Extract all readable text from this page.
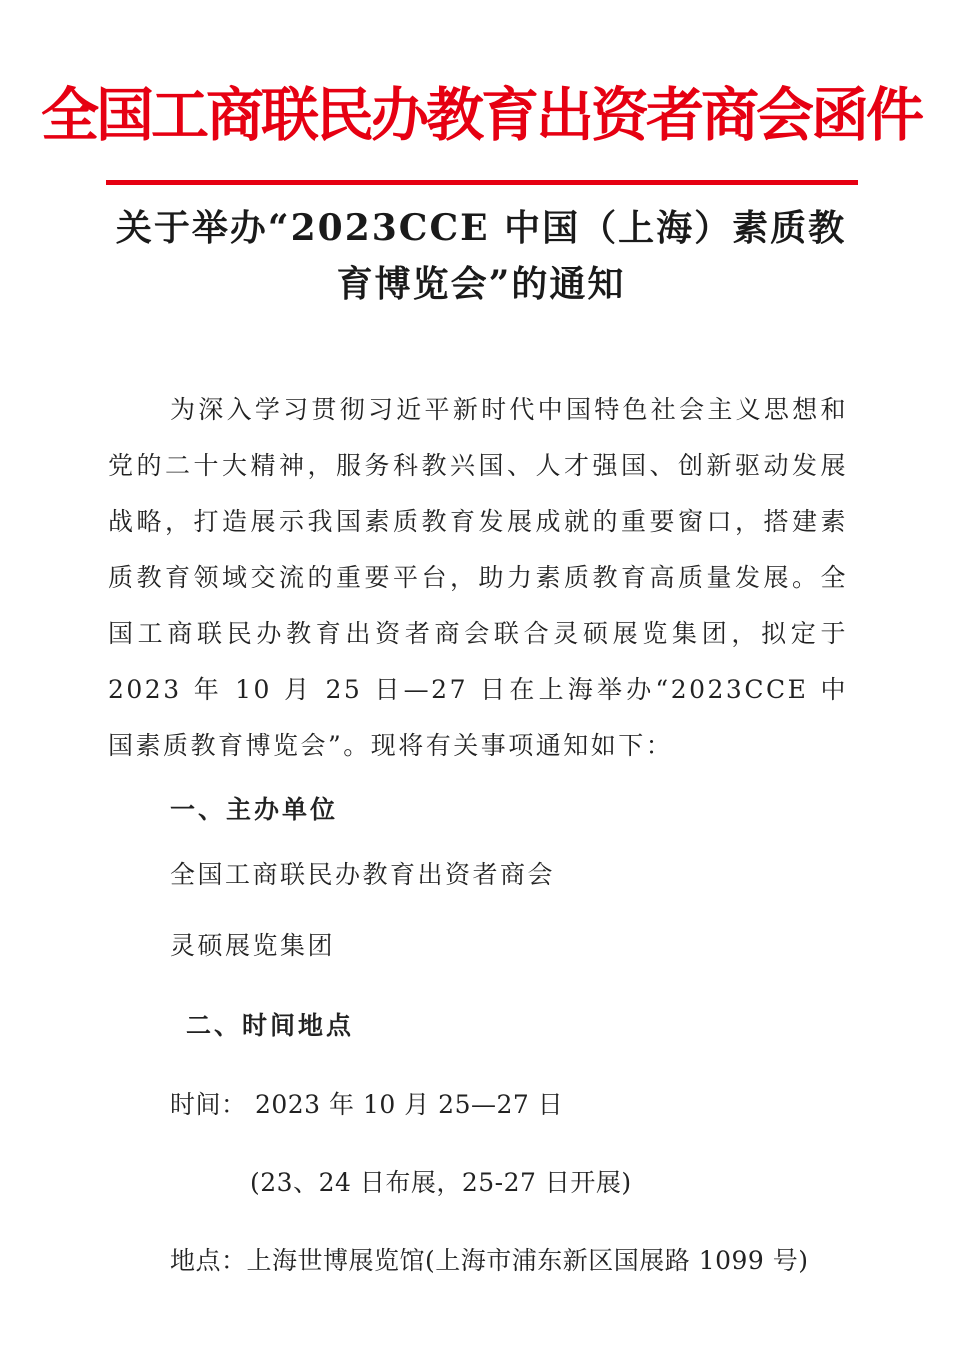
全国工商联民办教育出资者商会函件
关于举办“2023CCE 中国（上海）素质教
育博览会”的通知

为深入学习贯彻习近平新时代中国特色社会主义思想和党的二十大精神，服务科教兴国、人才强国、创新驱动发展战略，打造展示我国素质教育发展成就的重要窗口，搭建素质教育领域交流的重要平台，助力素质教育高质量发展。全国工商联民办教育出资者商会联合灵硕展览集团，拟定于 2023 年 10 月 25 日—27 日在上海举办“2023CCE 中国素质教育博览会”。现将有关事项通知如下：

一、主办单位
全国工商联民办教育出资者商会
灵硕展览集团
二、时间地点
时间： 2023 年 10 月 25—27 日
(23、24 日布展，25-27 日开展)
地点：上海世博展览馆(上海市浦东新区国展路 1099 号)
